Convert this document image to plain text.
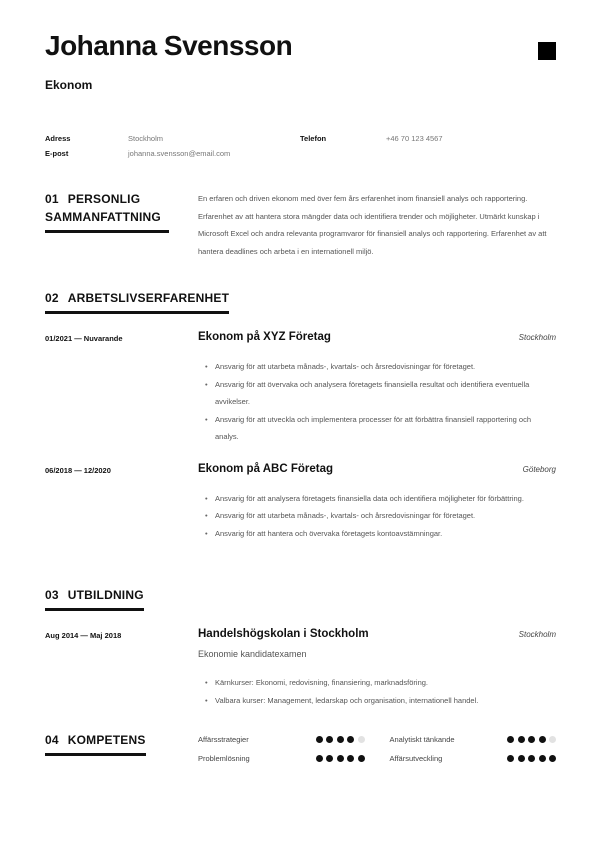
Johanna Svensson
Ekonom
Adress	Stockholm	Telefon	+46 70 123 4567
E-post	johanna.svensson@email.com
01 PERSONLIG SAMMANFATTNING

En erfaren och driven ekonom med över fem års erfarenhet inom finansiell analys och rapportering. Erfarenhet av att hantera stora mängder data och identifiera trender och möjligheter. Utmärkt kunskap i Microsoft Excel och andra relevanta programvaror för finansiell analys och rapportering. Erfarenhet av att hantera deadlines och arbeta i en internationell miljö.

02 ARBETSLIVSERFARENHET
01/2021 — Nuvarande	Ekonom på XYZ Företag	Stockholm
• Ansvarig för att utarbeta månads-, kvartals- och årsredovisningar för företaget.
• Ansvarig för att övervaka och analysera företagets finansiella resultat och identifiera eventuella avvikelser.
• Ansvarig för att utveckla och implementera processer för att förbättra finansiell rapportering och analys.
06/2018 — 12/2020	Ekonom på ABC Företag	Göteborg
• Ansvarig för att analysera företagets finansiella data och identifiera möjligheter för förbättring.
• Ansvarig för att utarbeta månads-, kvartals- och årsredovisningar för företaget.
• Ansvarig för att hantera och övervaka företagets kontoavstämningar.
03 UTBILDNING
Aug 2014 — Maj 2018	Handelshögskolan i Stockholm	Stockholm
Ekonomie kandidatexamen
• Kärnkurser: Ekonomi, redovisning, finansiering, marknadsföring.
• Valbara kurser: Management, ledarskap och organisation, internationell handel.
04 KOMPETENS	Affärsstrategier	Analytiskt tänkande
Problemlösning	Affärsutveckling
